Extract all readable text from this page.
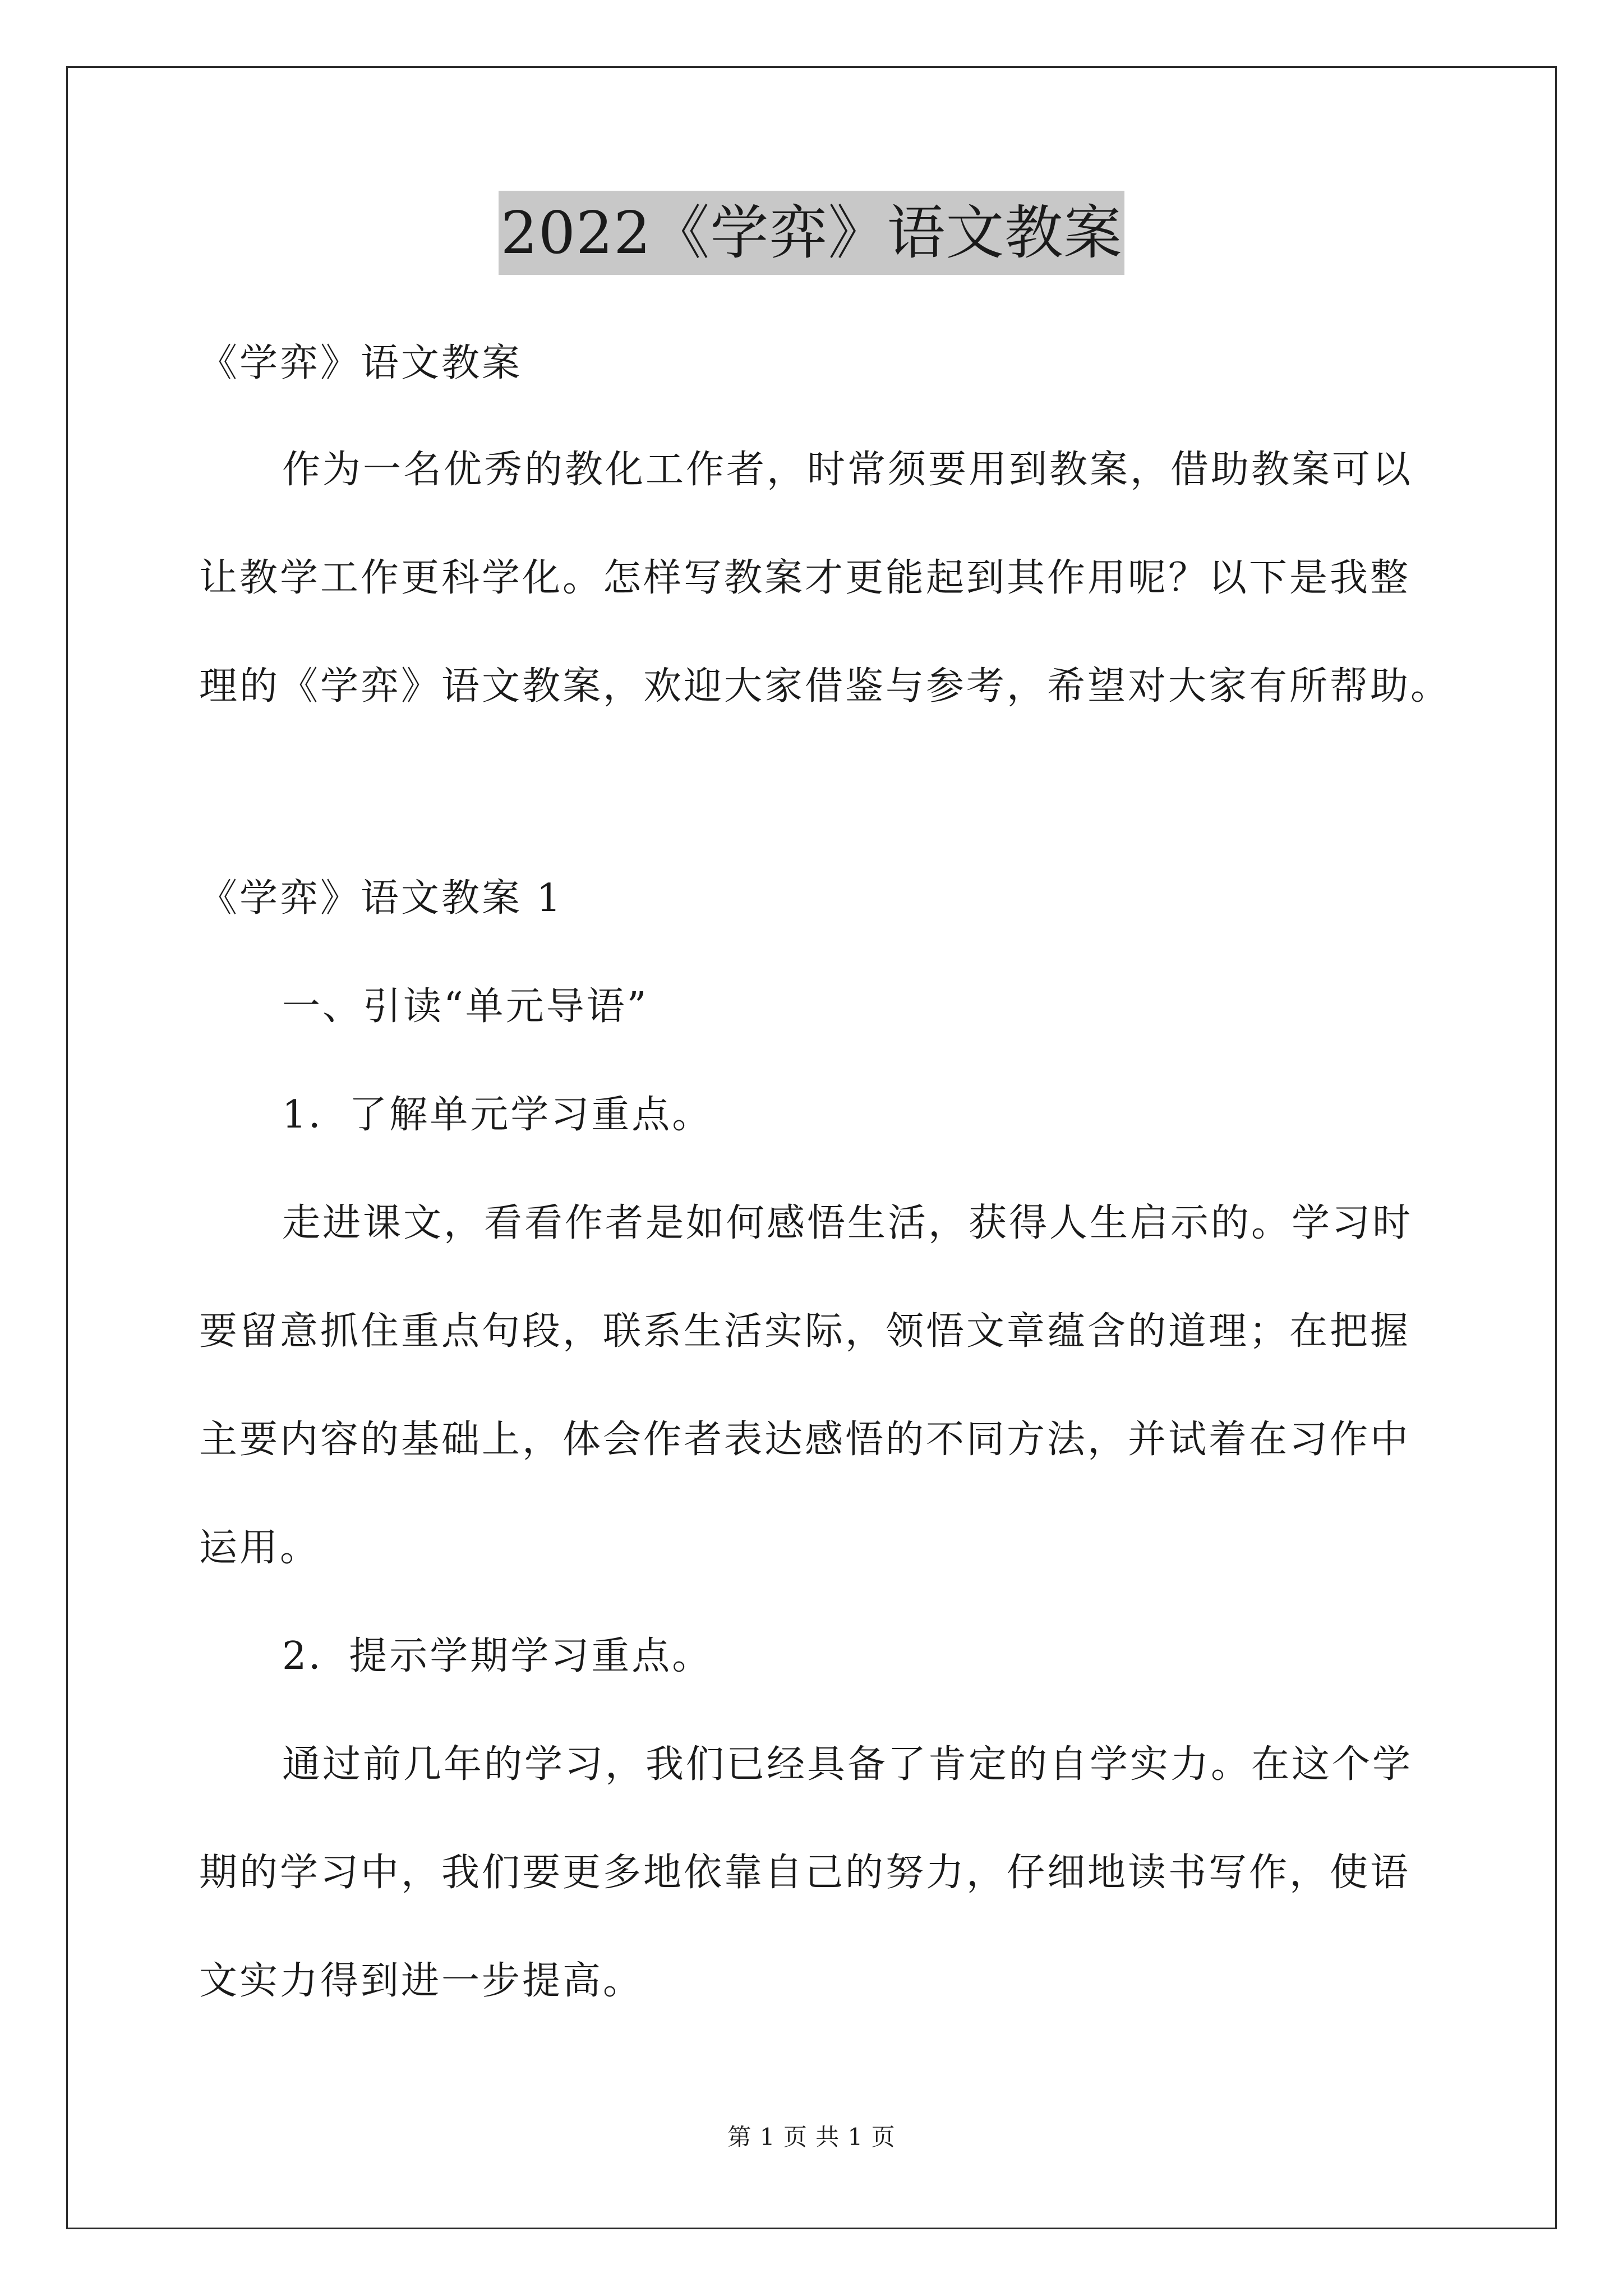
2022《学弈》语文教案
《学弈》语文教案
作为一名优秀的教化工作者，时常须要用到教案，借助教案可以
让教学工作更科学化。怎样写教案才更能起到其作用呢？以下是我整
理的《学弈》语文教案，欢迎大家借鉴与参考，希望对大家有所帮助。
《学弈》语文教案 1
一、引读“单元导语”
1．了解单元学习重点。
走进课文，看看作者是如何感悟生活，获得人生启示的。学习时
要留意抓住重点句段，联系生活实际，领悟文章蕴含的道理；在把握
主要内容的基础上，体会作者表达感悟的不同方法，并试着在习作中
运用。
2．提示学期学习重点。
通过前几年的学习，我们已经具备了肯定的自学实力。在这个学
期的学习中，我们要更多地依靠自己的努力，仔细地读书写作，使语
文实力得到进一步提高。
第 1 页 共 1 页
